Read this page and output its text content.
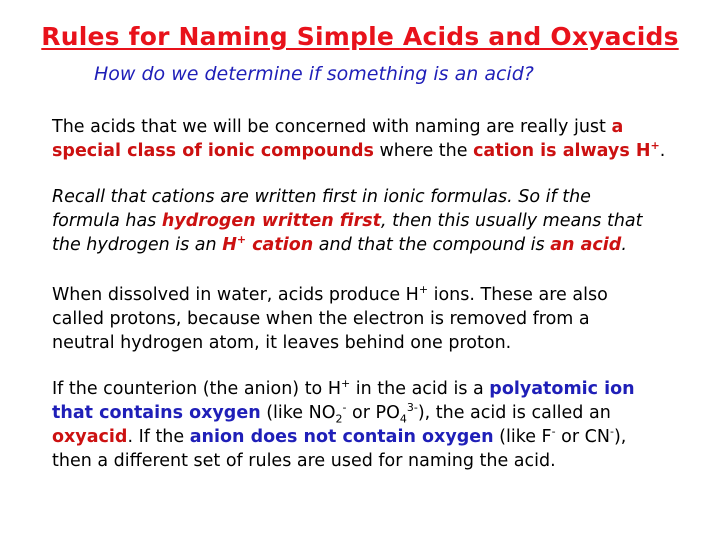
Rules for Naming Simple Acids and Oxyacids
How do we determine if something is an acid?
The acids that we will be concerned with naming are really just a
special class of ionic compounds where the cation is always H+.
Recall that cations are written first in ionic formulas. So if the
formula has hydrogen written first, then this usually means that
the hydrogen is an H+ cation and that the compound is an acid.
When dissolved in water, acids produce H+ ions. These are also
called protons, because when the electron is removed from a
neutral hydrogen atom, it leaves behind one proton.
If the counterion (the anion) to H+ in the acid is a polyatomic ion
that contains oxygen (like $NO_2^-$ or $PO_4^{3-}$), the acid is called an
oxyacid. If the anion does not contain oxygen (like F- or CN-),
then a different set of rules are used for naming the acid.
